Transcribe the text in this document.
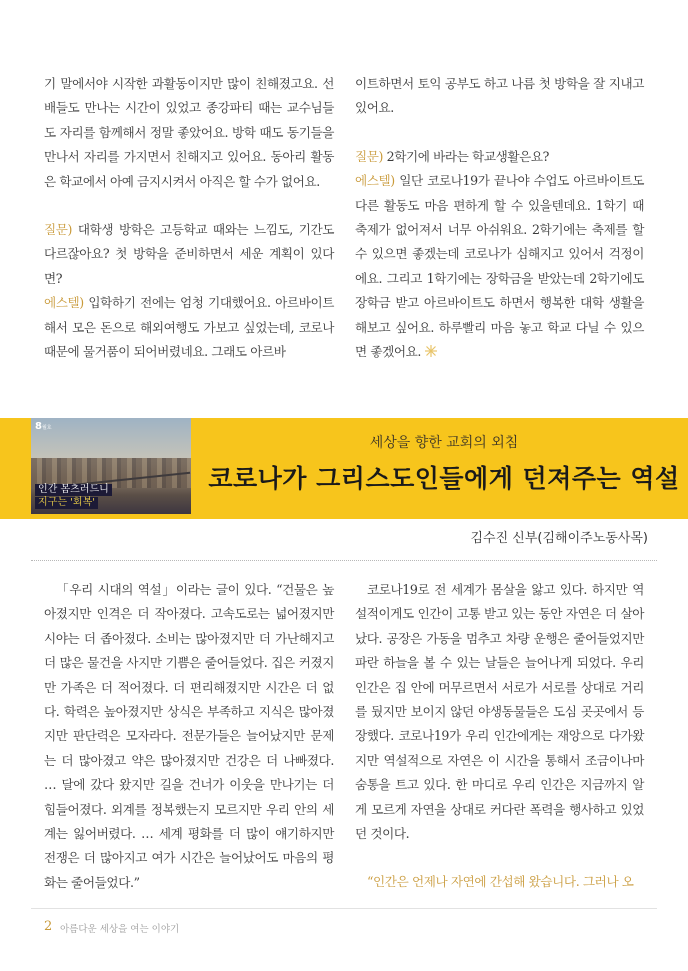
기 말에서야 시작한 과활동이지만 많이 친해졌고요. 선배들도 만나는 시간이 있었고 종강파티 때는 교수님들도 자리를 함께해서 정말 좋았어요. 방학 때도 동기들을 만나서 자리를 가지면서 친해지고 있어요. 동아리 활동은 학교에서 아예 금지시켜서 아직은 할 수가 없어요.

질문) 대학생 방학은 고등학교 때와는 느낌도, 기간도 다르잖아요? 첫 방학을 준비하면서 세운 계획이 있다면?

에스텔) 입학하기 전에는 엄청 기대했어요. 아르바이트해서 모은 돈으로 해외여행도 가보고 싶었는데, 코로나 때문에 물거품이 되어버렸네요. 그래도 아르바

이트하면서 토익 공부도 하고 나름 첫 방학을 잘 지내고 있어요.

질문) 2학기에 바라는 학교생활은요?

에스텔) 일단 코로나19가 끝나야 수업도 아르바이트도 다른 활동도 마음 편하게 할 수 있을텐데요. 1학기 때 축제가 없어져서 너무 아쉬워요. 2학기에는 축제를 할 수 있으면 좋겠는데 코로나가 심해지고 있어서 걱정이에요. 그리고 1학기에는 장학금을 받았는데 2학기에도 장학금 받고 아르바이트도 하면서 행복한 대학 생활을 해보고 싶어요. 하루빨리 마음 놓고 학교 다닐 수 있으면 좋겠어요.

8월호
인간 몸츠러드니
지구는 '회복'
세상을 향한 교회의 외침
코로나가 그리스도인들에게 던져주는 역설
김수진 신부(김해이주노동사목)

「우리 시대의 역설」이라는 글이 있다. “건물은 높아졌지만 인격은 더 작아졌다. 고속도로는 넓어졌지만 시야는 더 좁아졌다. 소비는 많아졌지만 더 가난해지고 더 많은 물건을 사지만 기쁨은 줄어들었다. 집은 커졌지만 가족은 더 적어졌다. 더 편리해졌지만 시간은 더 없다. 학력은 높아졌지만 상식은 부족하고 지식은 많아졌지만 판단력은 모자라다. 전문가들은 늘어났지만 문제는 더 많아졌고 약은 많아졌지만 건강은 더 나빠졌다. … 달에 갔다 왔지만 길을 건너가 이웃을 만나기는 더 힘들어졌다. 외계를 정복했는지 모르지만 우리 안의 세계는 잃어버렸다. … 세계 평화를 더 많이 얘기하지만 전쟁은 더 많아지고 여가 시간은 늘어났어도 마음의 평화는 줄어들었다.”

코로나19로 전 세계가 몸살을 앓고 있다. 하지만 역설적이게도 인간이 고통 받고 있는 동안 자연은 더 살아났다. 공장은 가동을 멈추고 차량 운행은 줄어들었지만 파란 하늘을 볼 수 있는 날들은 늘어나게 되었다. 우리 인간은 집 안에 머무르면서 서로가 서로를 상대로 거리를 뒀지만 보이지 않던 야생동물들은 도심 곳곳에서 등장했다. 코로나19가 우리 인간에게는 재앙으로 다가왔지만 역설적으로 자연은 이 시간을 통해서 조금이나마 숨통을 트고 있다. 한 마디로 우리 인간은 지금까지 알게 모르게 자연을 상대로 커다란 폭력을 행사하고 있었던 것이다.

“인간은 언제나 자연에 간섭해 왔습니다. 그러나 오

2 아름다운 세상을 여는 이야기
